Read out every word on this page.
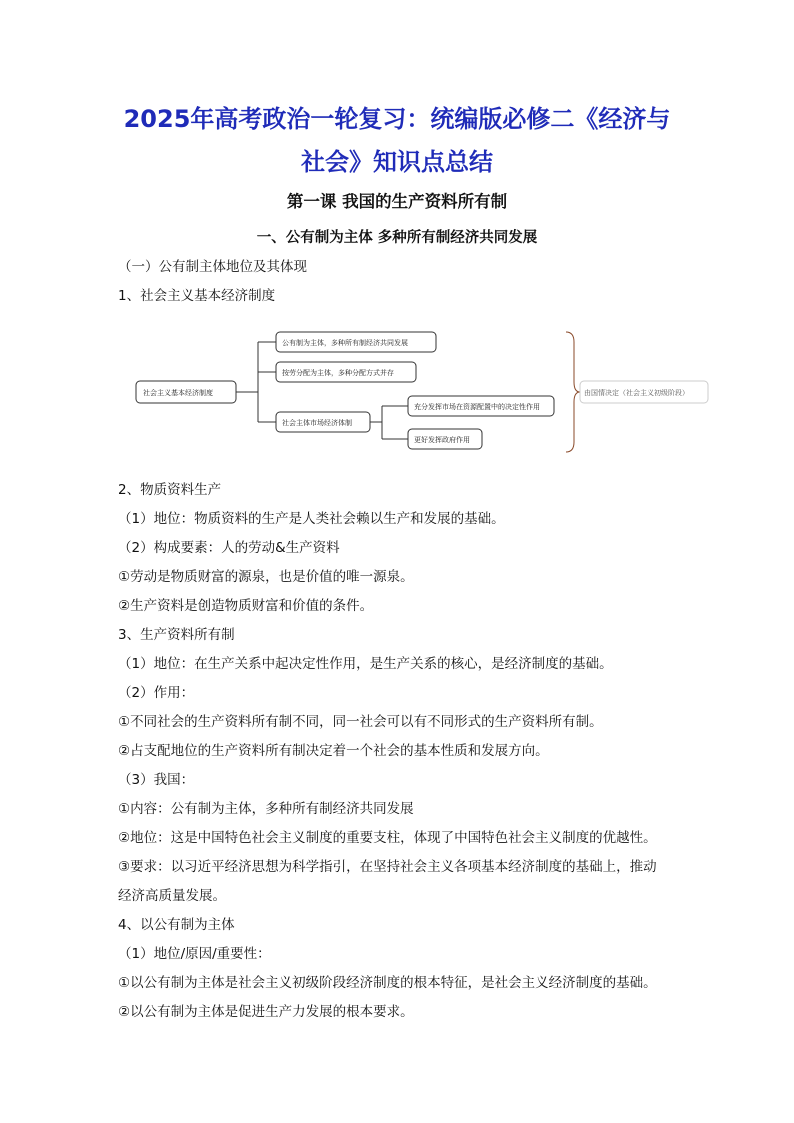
2025年高考政治一轮复习：统编版必修二《经济与
社会》知识点总结
第一课 我国的生产资料所有制
一、公有制为主体 多种所有制经济共同发展
（一）公有制主体地位及其体现
1、社会主义基本经济制度
社会主义基本经济制度
公有制为主体，多种所有制经济共同发展
按劳分配为主体，多种分配方式并存
社会主体市场经济体制
充分发挥市场在资源配置中的决定性作用
更好发挥政府作用
由国情决定（社会主义初级阶段）
2、物质资料生产
（1）地位：物质资料的生产是人类社会赖以生产和发展的基础。
（2）构成要素：人的劳动&生产资料
①劳动是物质财富的源泉，也是价值的唯一源泉。
②生产资料是创造物质财富和价值的条件。
3、生产资料所有制
（1）地位：在生产关系中起决定性作用，是生产关系的核心，是经济制度的基础。
（2）作用：
①不同社会的生产资料所有制不同，同一社会可以有不同形式的生产资料所有制。
②占支配地位的生产资料所有制决定着一个社会的基本性质和发展方向。
（3）我国：
①内容：公有制为主体，多种所有制经济共同发展
②地位：这是中国特色社会主义制度的重要支柱，体现了中国特色社会主义制度的优越性。
③要求：以习近平经济思想为科学指引，在坚持社会主义各项基本经济制度的基础上，推动
经济高质量发展。
4、以公有制为主体
（1）地位/原因/重要性：
①以公有制为主体是社会主义初级阶段经济制度的根本特征，是社会主义经济制度的基础。
②以公有制为主体是促进生产力发展的根本要求。
